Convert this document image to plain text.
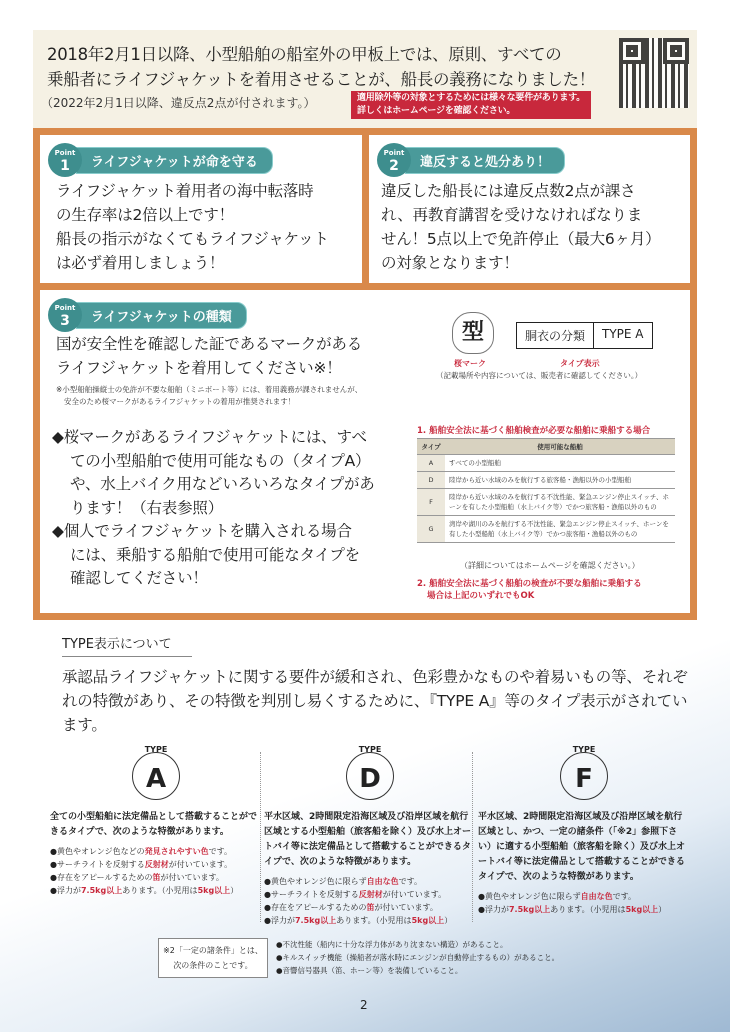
2018年2月1日以降、小型船舶の船室外の甲板上では、原則、すべての
乗船者にライフジャケットを着用させることが、船長の義務になりました！
（2022年2月1日以降、違反点2点が付されます。）	適用除外等の対象とするためには様々な要件があります。
詳しくはホームページを確認ください。
Point
1	ライフジャケットが命を守る
ライフジャケット着用者の海中転落時
の生存率は2倍以上です！
船長の指示がなくてもライフジャケット
は必ず着用しましょう！
Point
2	違反すると処分あり！
違反した船長には違反点数2点が課さ
れ、再教育講習を受けなければなりま
せん！5点以上で免許停止（最大6ヶ月）
の対象となります！
Point
3	ライフジャケットの種類
国が安全性を確認した証であるマークがある
ライフジャケットを着用してください※！
※小型船舶操縦士の免許が不要な船舶（ミニボート等）には、着用義務が課されませんが、
安全のため桜マークがあるライフジャケットの着用が推奨されます！
◆桜マークがあるライフジャケットには、すべ
ての小型船舶で使用可能なもの（タイプA）
や、水上バイク用などいろいろなタイプがあ
ります！（右表参照）
◆個人でライフジャケットを購入される場合
には、乗船する船舶で使用可能なタイプを
確認してください！
型
桜マーク
胴衣の分類	TYPE A
タイプ表示
（記載場所や内容については、販売者に確認してください。）
1. 船舶安全法に基づく船舶検査が必要な船舶に乗船する場合
タイプ	使用可能な船舶
A	すべての小型船舶
D	陸岸から近い水域のみを航行する旅客船・漁船以外の小型船舶
F	陸岸から近い水域のみを航行する不沈性能、緊急エンジン停止スイッチ、ホーンを有した小型船舶（水上バイク等）でかつ旅客船・漁船以外のもの
G	湾岸や湖川のみを航行する不沈性能、緊急エンジン停止スイッチ、ホーンを有した小型船舶（水上バイク等）でかつ旅客船・漁船以外のもの
（詳細についてはホームページを確認ください。）
2. 船舶安全法に基づく船舶の検査が不要な船舶に乗船する
場合は上記のいずれでもOK
TYPE表示について
承認品ライフジャケットに関する要件が緩和され、色彩豊かなものや着易いもの等、それぞれの特徴があり、その特徴を判別し易くするために、『TYPE A』等のタイプ表示がされています。
TYPE
A
全ての小型船舶に法定備品として搭載することができるタイプで、次のような特徴があります。
●黄色やオレンジ色などの発見されやすい色です。
●サーチライトを反射する反射材が付いています。
●存在をアピールするための笛が付いています。
●浮力が7.5kg以上あります。（小児用は5kg以上）
TYPE
D
平水区域、2時間限定沿海区域及び沿岸区域を航行区域とする小型船舶（旅客船を除く）及び水上オートバイ等に法定備品として搭載することができるタイプで、次のような特徴があります。
●黄色やオレンジ色に限らず自由な色です。
●サーチライトを反射する反射材が付いています。
●存在をアピールするための笛が付いています。
●浮力が7.5kg以上あります。（小児用は5kg以上）
TYPE
F
平水区域、2時間限定沿海区域及び沿岸区域を航行区域とし、かつ、一定の諸条件（「※2」参照下さい）に適する小型船舶（旅客船を除く）及び水上オートバイ等に法定備品として搭載することができるタイプで、次のような特徴があります。
●黄色やオレンジ色に限らず自由な色です。
●浮力が7.5kg以上あります。（小児用は5kg以上）
※2「一定の諸条件」とは、
次の条件のことです。
●不沈性能（船内に十分な浮力体があり沈まない構造）があること。
●キルスイッチ機能（操船者が落水時にエンジンが自動停止するもの）があること。
●音響信号器具（笛、ホーン等）を装備していること。
2
